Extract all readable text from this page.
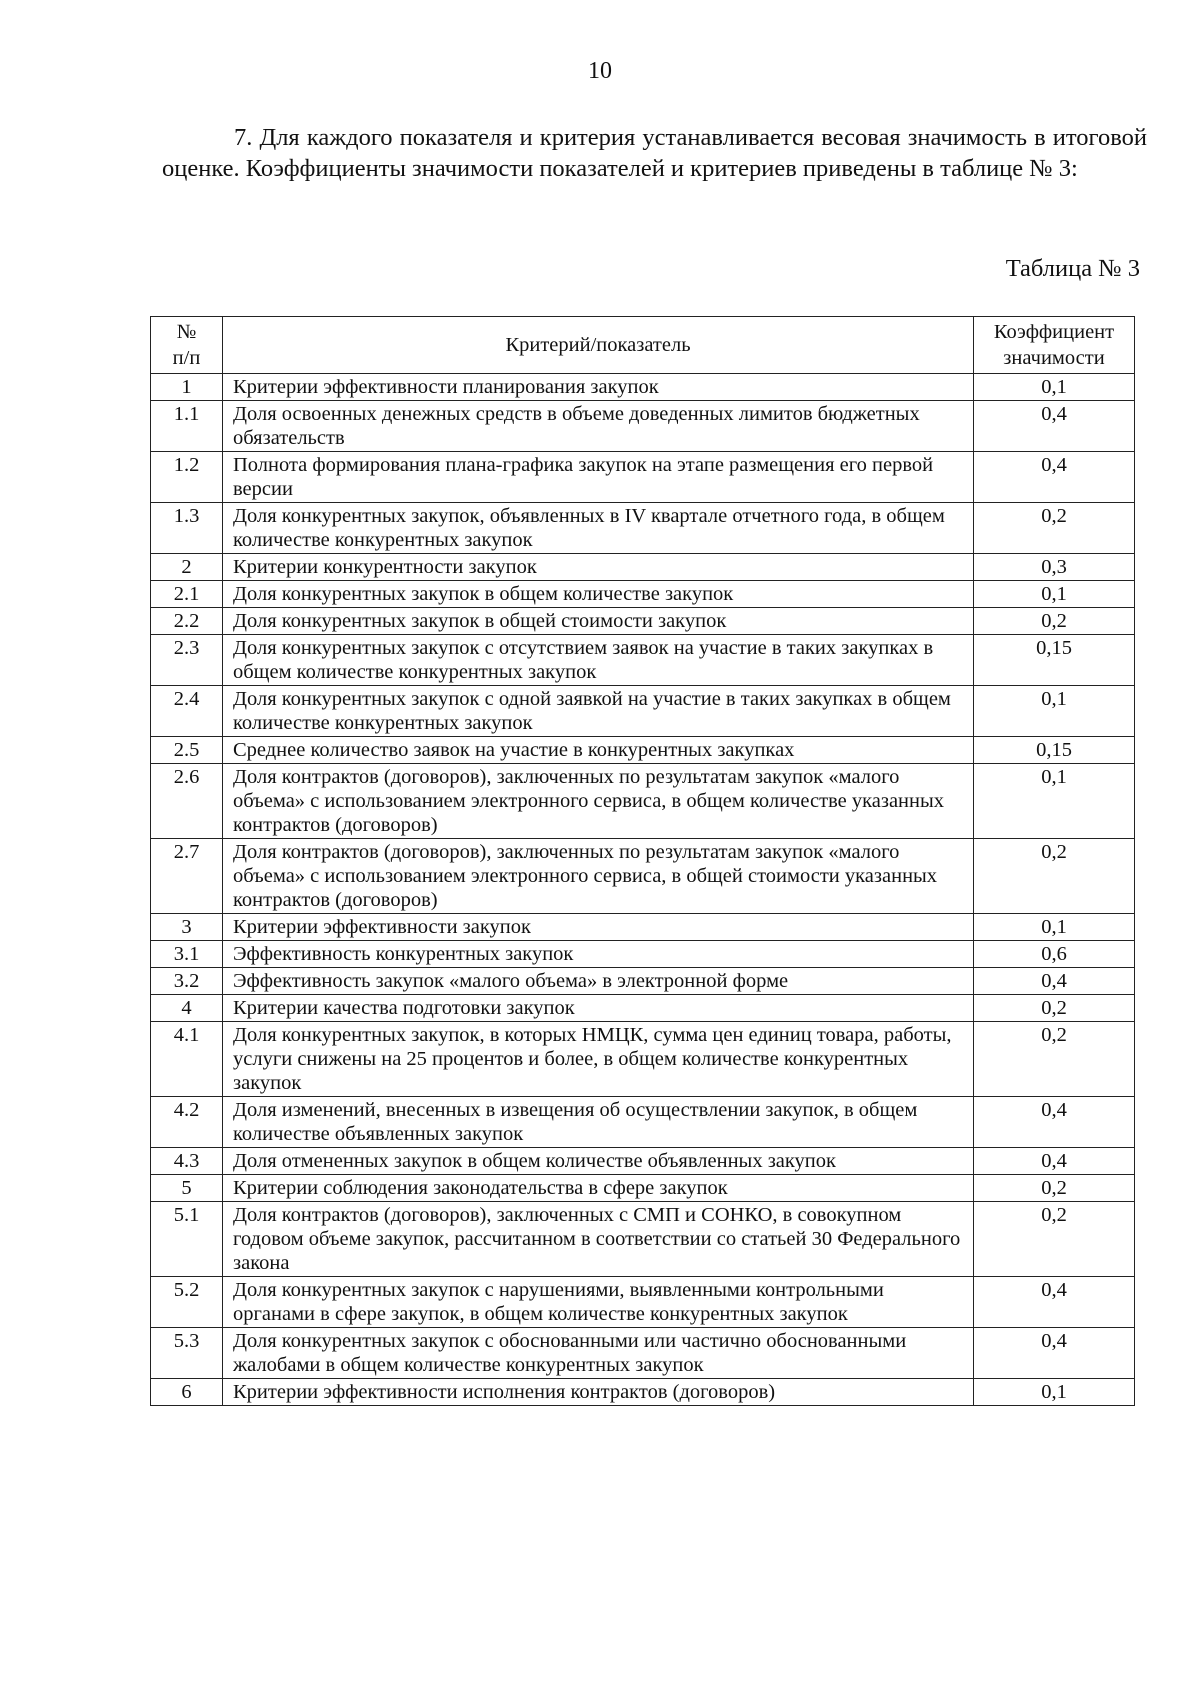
10

7. Для каждого показателя и критерия устанавливается весовая значимость в итоговой оценке. Коэффициенты значимости показателей и критериев приведены в таблице № 3:

Таблица № 3
№ п/п	Критерий/показатель	Коэффициент значимости
1	Критерии эффективности планирования закупок	0,1
1.1	Доля освоенных денежных средств в объеме доведенных лимитов бюджетных обязательств	0,4
1.2	Полнота формирования плана-графика закупок на этапе размещения его первой версии	0,4
1.3	Доля конкурентных закупок, объявленных в IV квартале отчетного года, в общем количестве конкурентных закупок	0,2
2	Критерии конкурентности закупок	0,3
2.1	Доля конкурентных закупок в общем количестве закупок	0,1
2.2	Доля конкурентных закупок в общей стоимости закупок	0,2
2.3	Доля конкурентных закупок с отсутствием заявок на участие в таких закупках в общем количестве конкурентных закупок	0,15
2.4	Доля конкурентных закупок с одной заявкой на участие в таких закупках в общем количестве конкурентных закупок	0,1
2.5	Среднее количество заявок на участие в конкурентных закупках	0,15
2.6	Доля контрактов (договоров), заключенных по результатам закупок «малого объема» с использованием электронного сервиса, в общем количестве указанных контрактов (договоров)	0,1
2.7	Доля контрактов (договоров), заключенных по результатам закупок «малого объема» с использованием электронного сервиса, в общей стоимости указанных контрактов (договоров)	0,2
3	Критерии эффективности закупок	0,1
3.1	Эффективность конкурентных закупок	0,6
3.2	Эффективность закупок «малого объема» в электронной форме	0,4
4	Критерии качества подготовки закупок	0,2
4.1	Доля конкурентных закупок, в которых НМЦК, сумма цен единиц товара, работы, услуги снижены на 25 процентов и более, в общем количестве конкурентных закупок	0,2
4.2	Доля изменений, внесенных в извещения об осуществлении закупок, в общем количестве объявленных закупок	0,4
4.3	Доля отмененных закупок в общем количестве объявленных закупок	0,4
5	Критерии соблюдения законодательства в сфере закупок	0,2
5.1	Доля контрактов (договоров), заключенных с СМП и СОНКО, в совокупном годовом объеме закупок, рассчитанном в соответствии со статьей 30 Федерального закона	0,2
5.2	Доля конкурентных закупок с нарушениями, выявленными контрольными органами в сфере закупок, в общем количестве конкурентных закупок	0,4
5.3	Доля конкурентных закупок с обоснованными или частично обоснованными жалобами в общем количестве конкурентных закупок	0,4
6	Критерии эффективности исполнения контрактов (договоров)	0,1
